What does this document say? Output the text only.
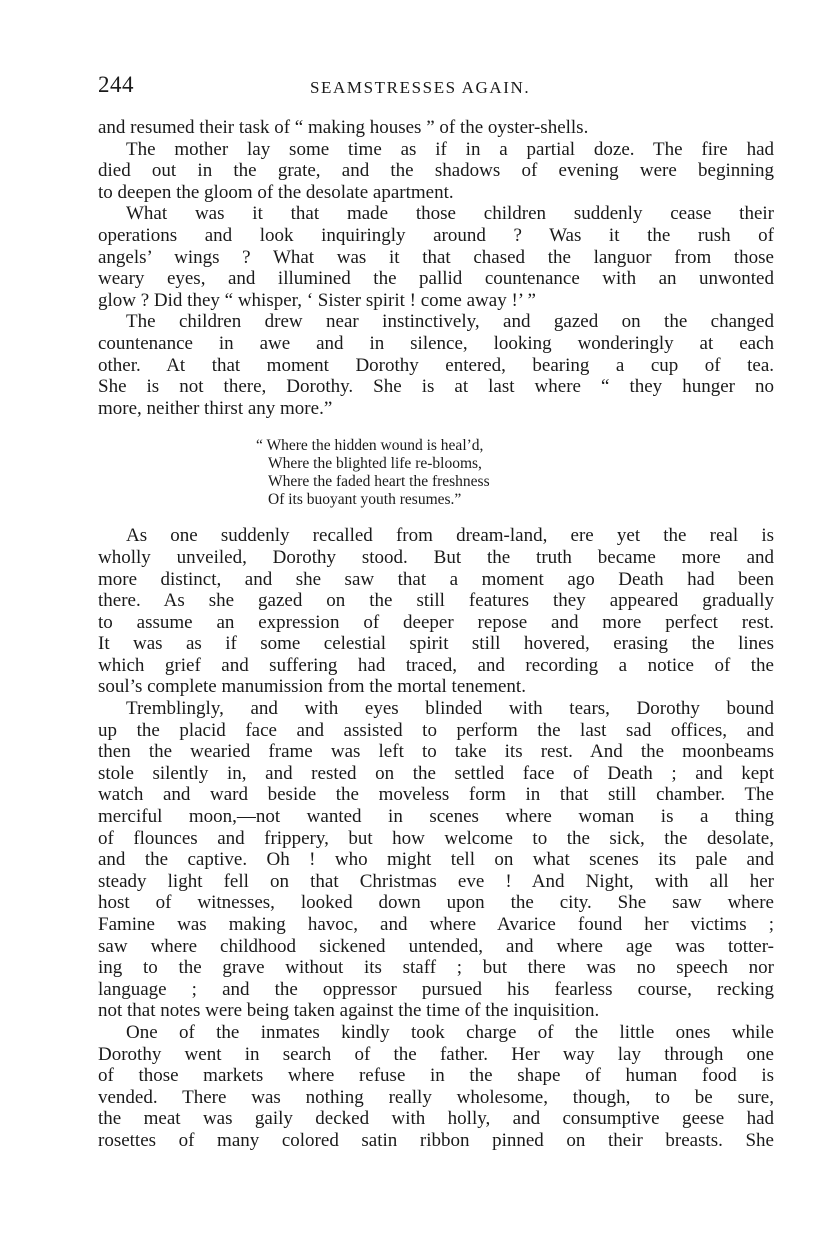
244	SEAMSTRESSES AGAIN.

and resumed their task of “ making houses ” of the oyster-shells.

The mother lay some time as if in a partial doze. The fire had
died out in the grate, and the shadows of evening were beginning
to deepen the gloom of the desolate apartment.

What was it that made those children suddenly cease their
operations and look inquiringly around ? Was it the rush of
angels’ wings ? What was it that chased the languor from those
weary eyes, and illumined the pallid countenance with an unwonted
glow ? Did they “ whisper, ‘ Sister spirit ! come away !’ ”

The children drew near instinctively, and gazed on the changed
countenance in awe and in silence, looking wonderingly at each
other. At that moment Dorothy entered, bearing a cup of tea.
She is not there, Dorothy. She is at last where “ they hunger no
more, neither thirst any more.”

“ Where the hidden wound is heal’d,
Where the blighted life re-blooms,
Where the faded heart the freshness
Of its buoyant youth resumes.”

As one suddenly recalled from dream-land, ere yet the real is
wholly unveiled, Dorothy stood. But the truth became more and
more distinct, and she saw that a moment ago Death had been
there. As she gazed on the still features they appeared gradually
to assume an expression of deeper repose and more perfect rest.
It was as if some celestial spirit still hovered, erasing the lines
which grief and suffering had traced, and recording a notice of the
soul’s complete manumission from the mortal tenement.

Tremblingly, and with eyes blinded with tears, Dorothy bound
up the placid face and assisted to perform the last sad offices, and
then the wearied frame was left to take its rest. And the moonbeams
stole silently in, and rested on the settled face of Death ; and kept
watch and ward beside the moveless form in that still chamber. The
merciful moon,—not wanted in scenes where woman is a thing
of flounces and frippery, but how welcome to the sick, the desolate,
and the captive. Oh ! who might tell on what scenes its pale and
steady light fell on that Christmas eve ! And Night, with all her
host of witnesses, looked down upon the city. She saw where
Famine was making havoc, and where Avarice found her victims ;
saw where childhood sickened untended, and where age was totter-
ing to the grave without its staff ; but there was no speech nor
language ; and the oppressor pursued his fearless course, recking
not that notes were being taken against the time of the inquisition.

One of the inmates kindly took charge of the little ones while
Dorothy went in search of the father. Her way lay through one
of those markets where refuse in the shape of human food is
vended. There was nothing really wholesome, though, to be sure,
the meat was gaily decked with holly, and consumptive geese had
rosettes of many colored satin ribbon pinned on their breasts. She
